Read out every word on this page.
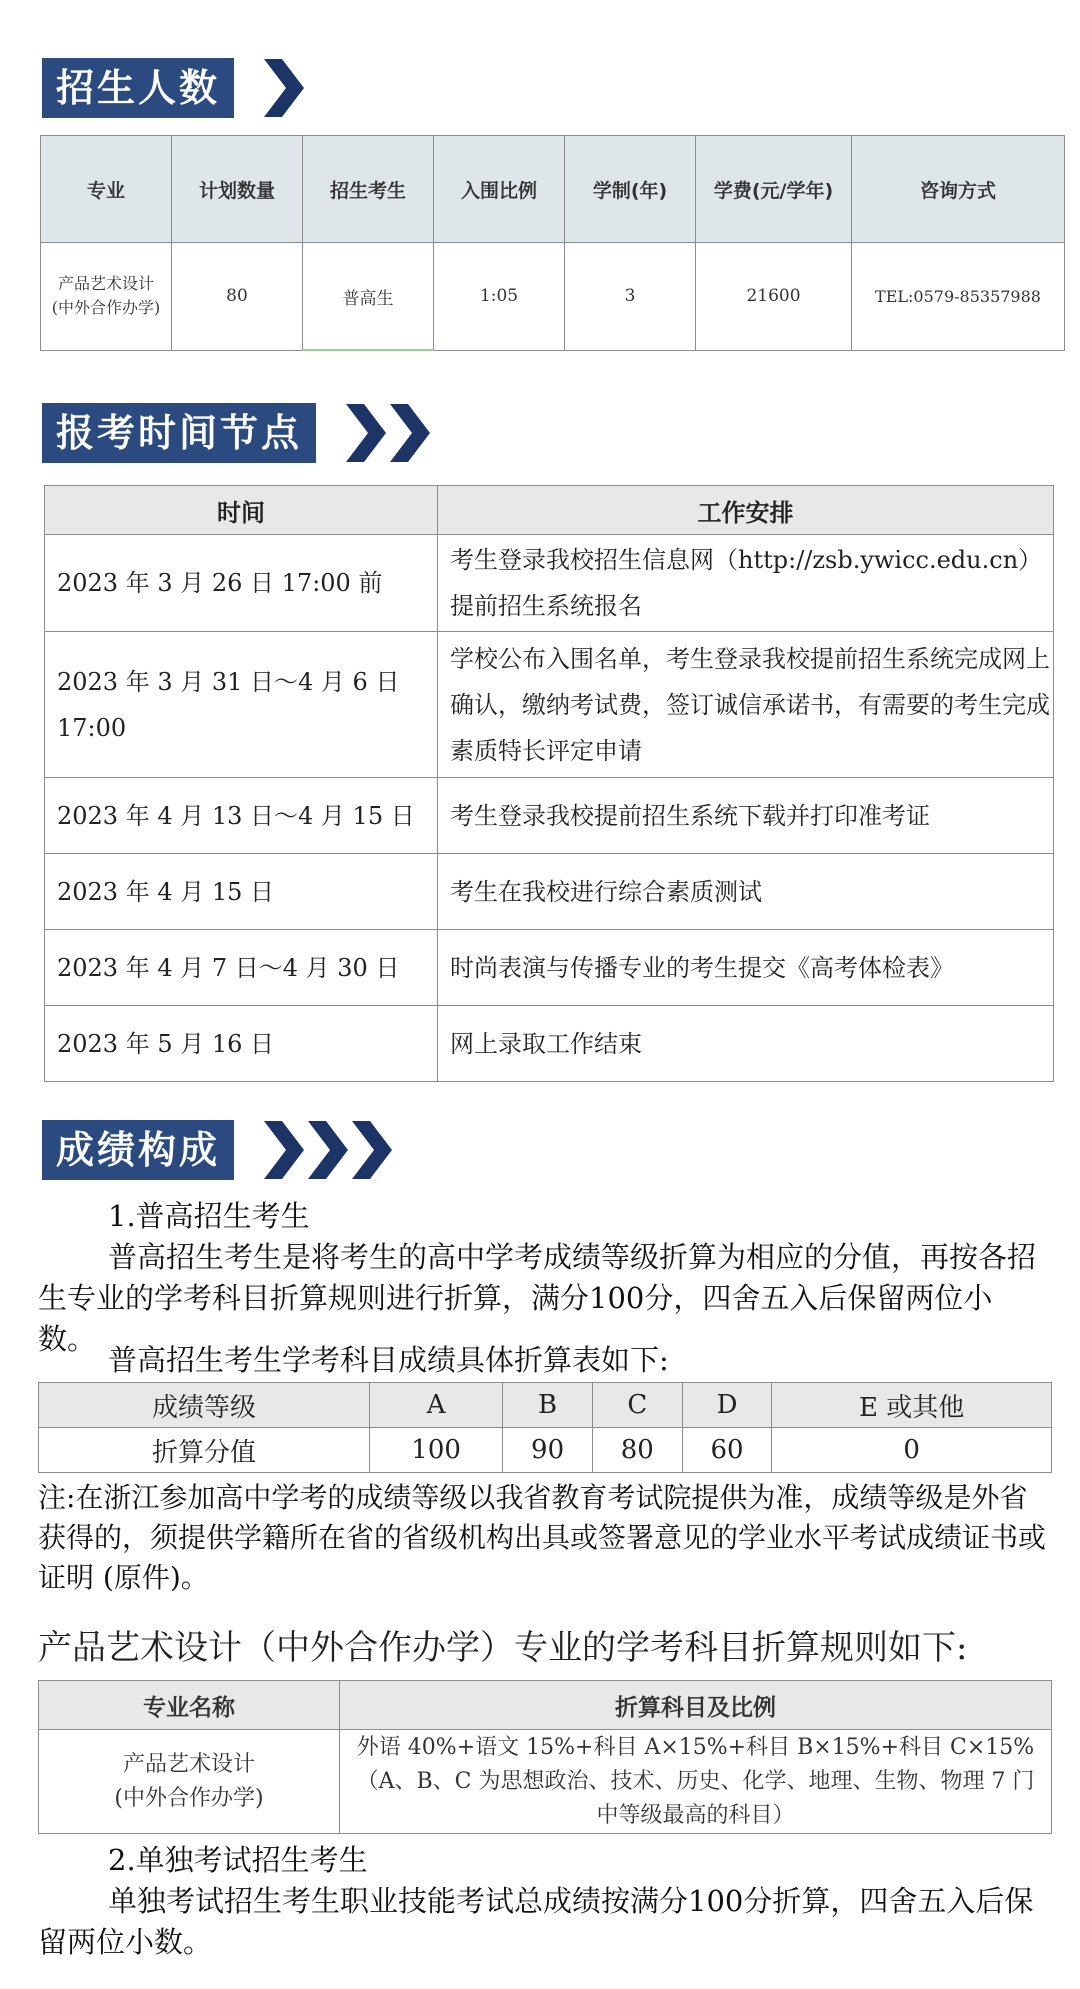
招生人数
专业	计划数量	招生考生	入围比例	学制(年)	学费(元/学年)	咨询方式
产品艺术设计
(中外合作办学)	80	普高生	1:05	3	21600	TEL:0579-85357988
报考时间节点
时间	工作安排
2023 年 3 月 26 日 17:00 前	考生登录我校招生信息网（http://zsb.ywicc.edu.cn）提前招生系统报名
2023 年 3 月 31 日～4 月 6 日 17:00	学校公布入围名单，考生登录我校提前招生系统完成网上确认，缴纳考试费，签订诚信承诺书，有需要的考生完成素质特长评定申请
2023 年 4 月 13 日～4 月 15 日	考生登录我校提前招生系统下载并打印准考证
2023 年 4 月 15 日	考生在我校进行综合素质测试
2023 年 4 月 7 日～4 月 30 日	时尚表演与传播专业的考生提交《高考体检表》
2023 年 5 月 16 日	网上录取工作结束
成绩构成
1.普高招生考生
普高招生考生是将考生的高中学考成绩等级折算为相应的分值，再按各招生专业的学考科目折算规则进行折算，满分100分，四舍五入后保留两位小数。
普高招生考生学考科目成绩具体折算表如下:
成绩等级	A	B	C	D	E 或其他
折算分值	100	90	80	60	0
注:在浙江参加高中学考的成绩等级以我省教育考试院提供为准，成绩等级是外省获得的，须提供学籍所在省的省级机构出具或签署意见的学业水平考试成绩证书或证明 (原件)。
产品艺术设计（中外合作办学）专业的学考科目折算规则如下:
专业名称	折算科目及比例
产品艺术设计
(中外合作办学)	外语 40%+语文 15%+科目 A×15%+科目 B×15%+科目 C×15%（A、B、C 为思想政治、技术、历史、化学、地理、生物、物理 7 门中等级最高的科目）
2.单独考试招生考生
单独考试招生考生职业技能考试总成绩按满分100分折算，四舍五入后保留两位小数。
